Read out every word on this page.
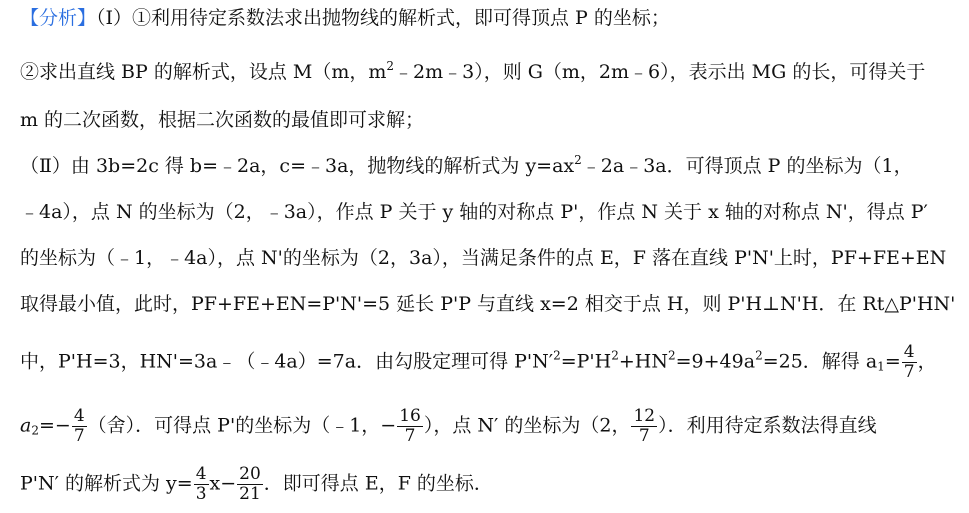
【分析】（Ⅰ）①利用待定系数法求出抛物线的解析式，即可得顶点 P 的坐标；
②求出直线 BP 的解析式，设点 M（m，$m^2﹣2m﹣3$），则 G（m，2m﹣6），表示出 MG 的长，可得关于
m 的二次函数，根据二次函数的最值即可求解；
（Ⅱ）由 3b=2c 得 b=﹣2a，c=﹣3a，抛物线的解析式为 $y=ax^2﹣2a﹣3a$．可得顶点 P 的坐标为（1，
﹣4a），点 N 的坐标为（2，﹣3a），作点 P 关于 y 轴的对称点 P'，作点 N 关于 x 轴的对称点 N'，得点 P′
的坐标为（﹣1，﹣4a），点 N'的坐标为（2，3a），当满足条件的点 E，F 落在直线 P'N'上时，PF+FE+EN
取得最小值，此时，PF+FE+EN=P'N'=5 延长 P'P 与直线 x=2 相交于点 H，则 P'H⊥N'H．在 Rt△P'HN'
中，P'H=3，HN'=3a﹣（﹣4a）=7a．由勾股定理可得 $P'N'^2=P'H^2+HN^2=9+49a^2=25$．解得 $a_1= \frac{4}{7}$ ，
$a_2=- \frac{4}{7}$ （舍）．可得点 P'的坐标为（﹣1，− $\frac{16}{7}$ ），点 N′ 的坐标为（2， $\frac{12}{7}$ ）．利用待定系数法得直线
P'N′ 的解析式为 $y= \frac{4}{3} x- \frac{20}{21}$ ．即可得点 E，F 的坐标．
